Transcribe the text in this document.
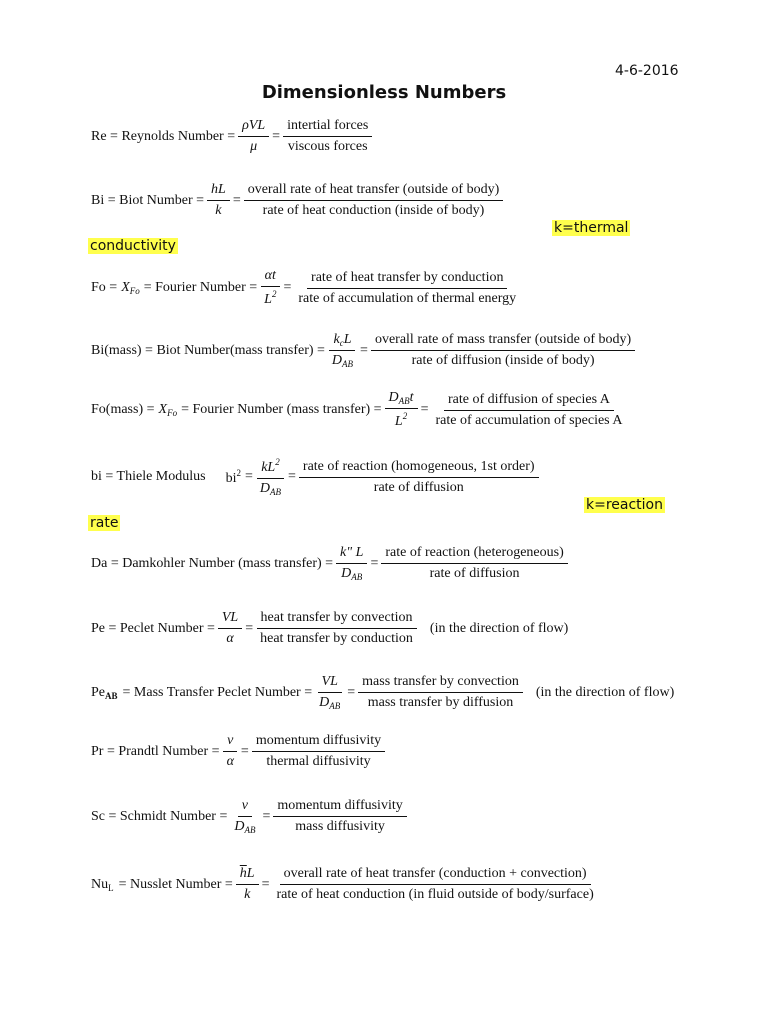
4-6-2016
Dimensionless Numbers
Re = Reynolds Number = $\frac{\text{ρVL}}{\mu} = \frac{\text{intertial forces}}{\text{viscous forces}}$
Bi = Biot Number = $\frac{hL}{k} = \frac{\text{overall rate of heat transfer (outside of body)}}{\text{rate of heat conduction (inside of body)}}$
k=thermal
conductivity
$Fo = X_{Fo}$ = Fourier Number = $\frac{\alpha t}{L^2} = \frac{\text{rate of heat transfer by conduction}}{\text{rate of accumulation of thermal energy}}$
Bi(mass) = Biot Number(mass transfer) = $\frac{k_cL}{D_{AB}} = \frac{\text{overall rate of mass transfer (outside of body)}}{\text{rate of diffusion (inside of body)}}$
Fo(mass) = $X_{Fo}$ = Fourier Number (mass transfer) = $\frac{D_{AB}t}{L^2} = \frac{\text{rate of diffusion of species A}}{\text{rate of accumulation of species A}}$
bi = Thiele Modulus $bi^2 = \frac{kL^2}{D_{AB}} = \frac{\text{rate of reaction (homogeneous, 1st order)}}{\text{rate of diffusion}}$
k=reaction
rate
Da = Damkohler Number (mass transfer) = $\frac{k" L}{D_{AB}} = \frac{\text{rate of reaction (heterogeneous)}}{\text{rate of diffusion}}$
Pe = Peclet Number = $\frac{VL}{\alpha} = \frac{\text{heat transfer by convection}}{\text{heat transfer by conduction}} (in$ the direction of flow)
$Pe_{AB}$ = Mass Transfer Peclet Number = $\frac{VL}{D_{AB}} = \frac{\text{mass transfer by convection}}{\text{mass transfer by diffusion}} (in$ the direction of flow)
Pr = Prandtl Number = $\frac{\nu}{\alpha} = \frac{\text{momentum diffusivity}}{\text{thermal diffusivity}}$
Sc = Schmidt Number = $\frac{\nu}{D_{AB}} = \frac{\text{momentum diffusivity}}{\text{mass diffusivity}}$
$Nu_L$ = Nusslet Number = $\frac{\overline{h}L}{k} = \frac{\text{overall rate of heat transfer (conduction + convection)}}{\text{rate of heat conduction (in fluid outside of body/surface)}}$
